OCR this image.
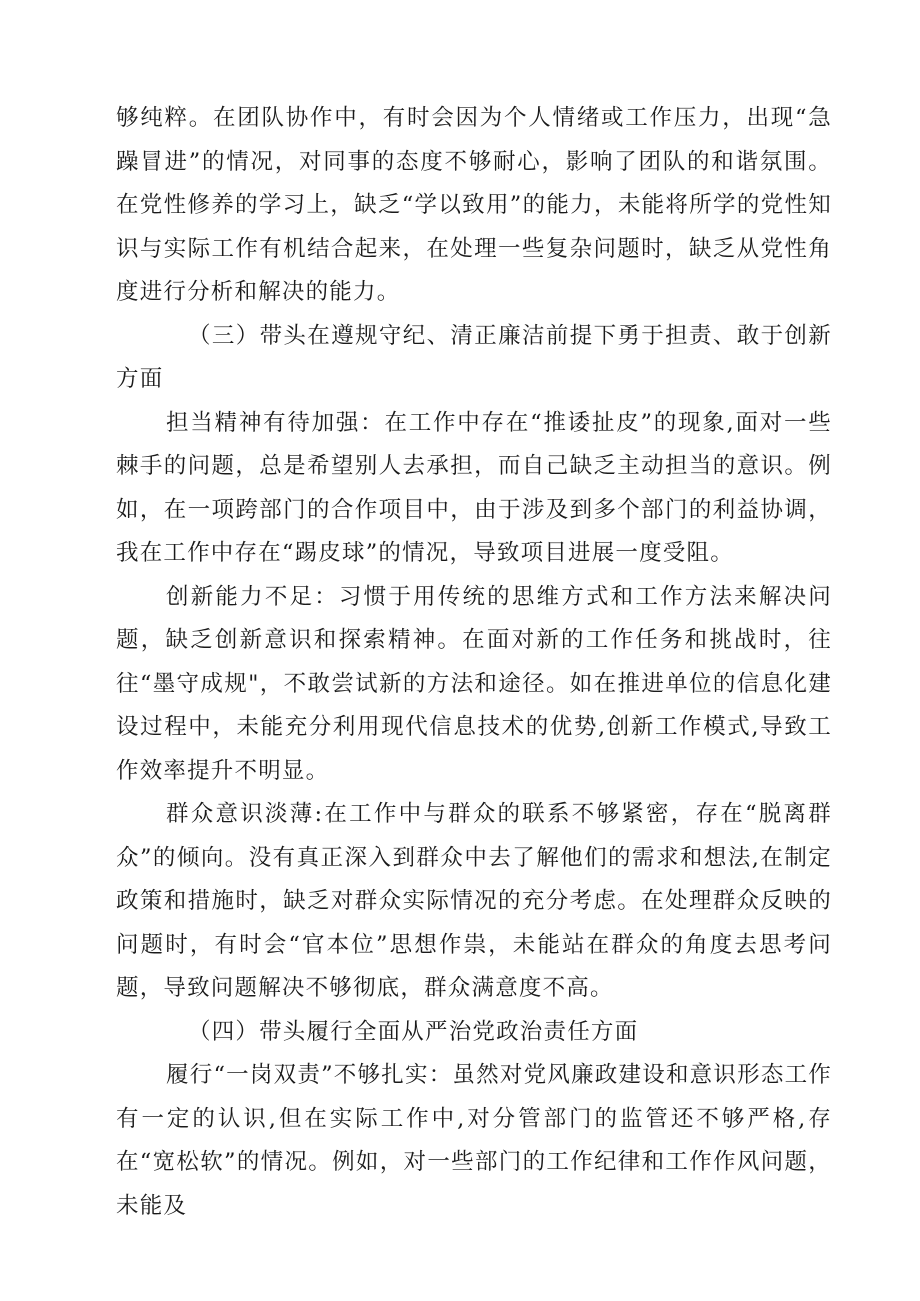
够纯粹。在团队协作中，有时会因为个人情绪或工作压力，出现“急躁冒进”的情况，对同事的态度不够耐心，影响了团队的和谐氛围。在党性修养的学习上，缺乏“学以致用”的能力，未能将所学的党性知识与实际工作有机结合起来，在处理一些复杂问题时，缺乏从党性角度进行分析和解决的能力。

（三）带头在遵规守纪、清正廉洁前提下勇于担责、敢于创新方面

担当精神有待加强：在工作中存在“推诿扯皮”的现象,面对一些棘手的问题，总是希望别人去承担，而自己缺乏主动担当的意识。例如，在一项跨部门的合作项目中，由于涉及到多个部门的利益协调，我在工作中存在“踢皮球”的情况，导致项目进展一度受阻。

创新能力不足：习惯于用传统的思维方式和工作方法来解决问题，缺乏创新意识和探索精神。在面对新的工作任务和挑战时，往往“墨守成规"，不敢尝试新的方法和途径。如在推进单位的信息化建设过程中，未能充分利用现代信息技术的优势,创新工作模式,导致工作效率提升不明显。

群众意识淡薄:在工作中与群众的联系不够紧密，存在“脱离群众”的倾向。没有真正深入到群众中去了解他们的需求和想法,在制定政策和措施时，缺乏对群众实际情况的充分考虑。在处理群众反映的问题时，有时会“官本位”思想作祟，未能站在群众的角度去思考问题，导致问题解决不够彻底，群众满意度不高。

（四）带头履行全面从严治党政治责任方面

履行“一岗双责”不够扎实：虽然对党风廉政建设和意识形态工作有一定的认识,但在实际工作中,对分管部门的监管还不够严格,存在“宽松软”的情况。例如，对一些部门的工作纪律和工作作风问题，未能及
